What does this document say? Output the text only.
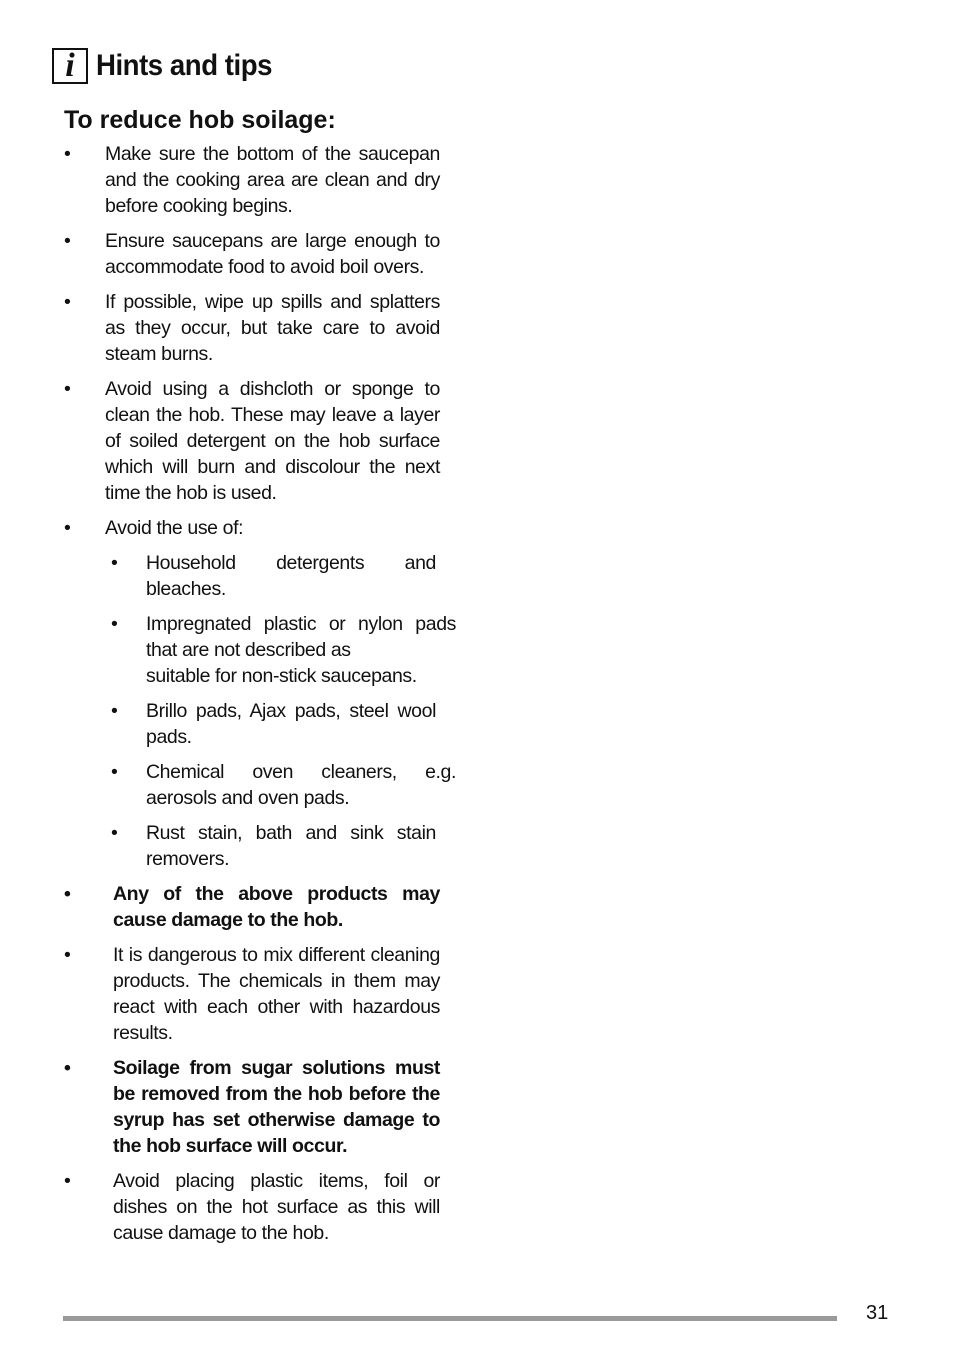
i Hints and tips
To reduce hob soilage:
• Make sure the bottom of the saucepan and the cooking area are clean and dry before cooking begins.
• Ensure saucepans are large enough to accommodate food to avoid boil overs.
• If possible, wipe up spills and splatters as they occur, but take care to avoid steam burns.
• Avoid using a dishcloth or sponge to clean the hob. These may leave a layer of soiled detergent on the hob surface which will burn and discolour the next time the hob is used.
• Avoid the use of:
• Household detergents and bleaches.
• Impregnated plastic or nylon pads that are not described as
suitable for non-stick saucepans.
• Brillo pads, Ajax pads, steel wool pads.
• Chemical oven cleaners, e.g. aerosols and oven pads.
• Rust stain, bath and sink stain removers.
• Any of the above products may cause damage to the hob.
• It is dangerous to mix different cleaning products. The chemicals in them may react with each other with hazardous results.
• Soilage from sugar solutions must be removed from the hob before the syrup has set otherwise damage to the hob surface will occur.
• Avoid placing plastic items, foil or dishes on the hot surface as this will cause damage to the hob.
31
